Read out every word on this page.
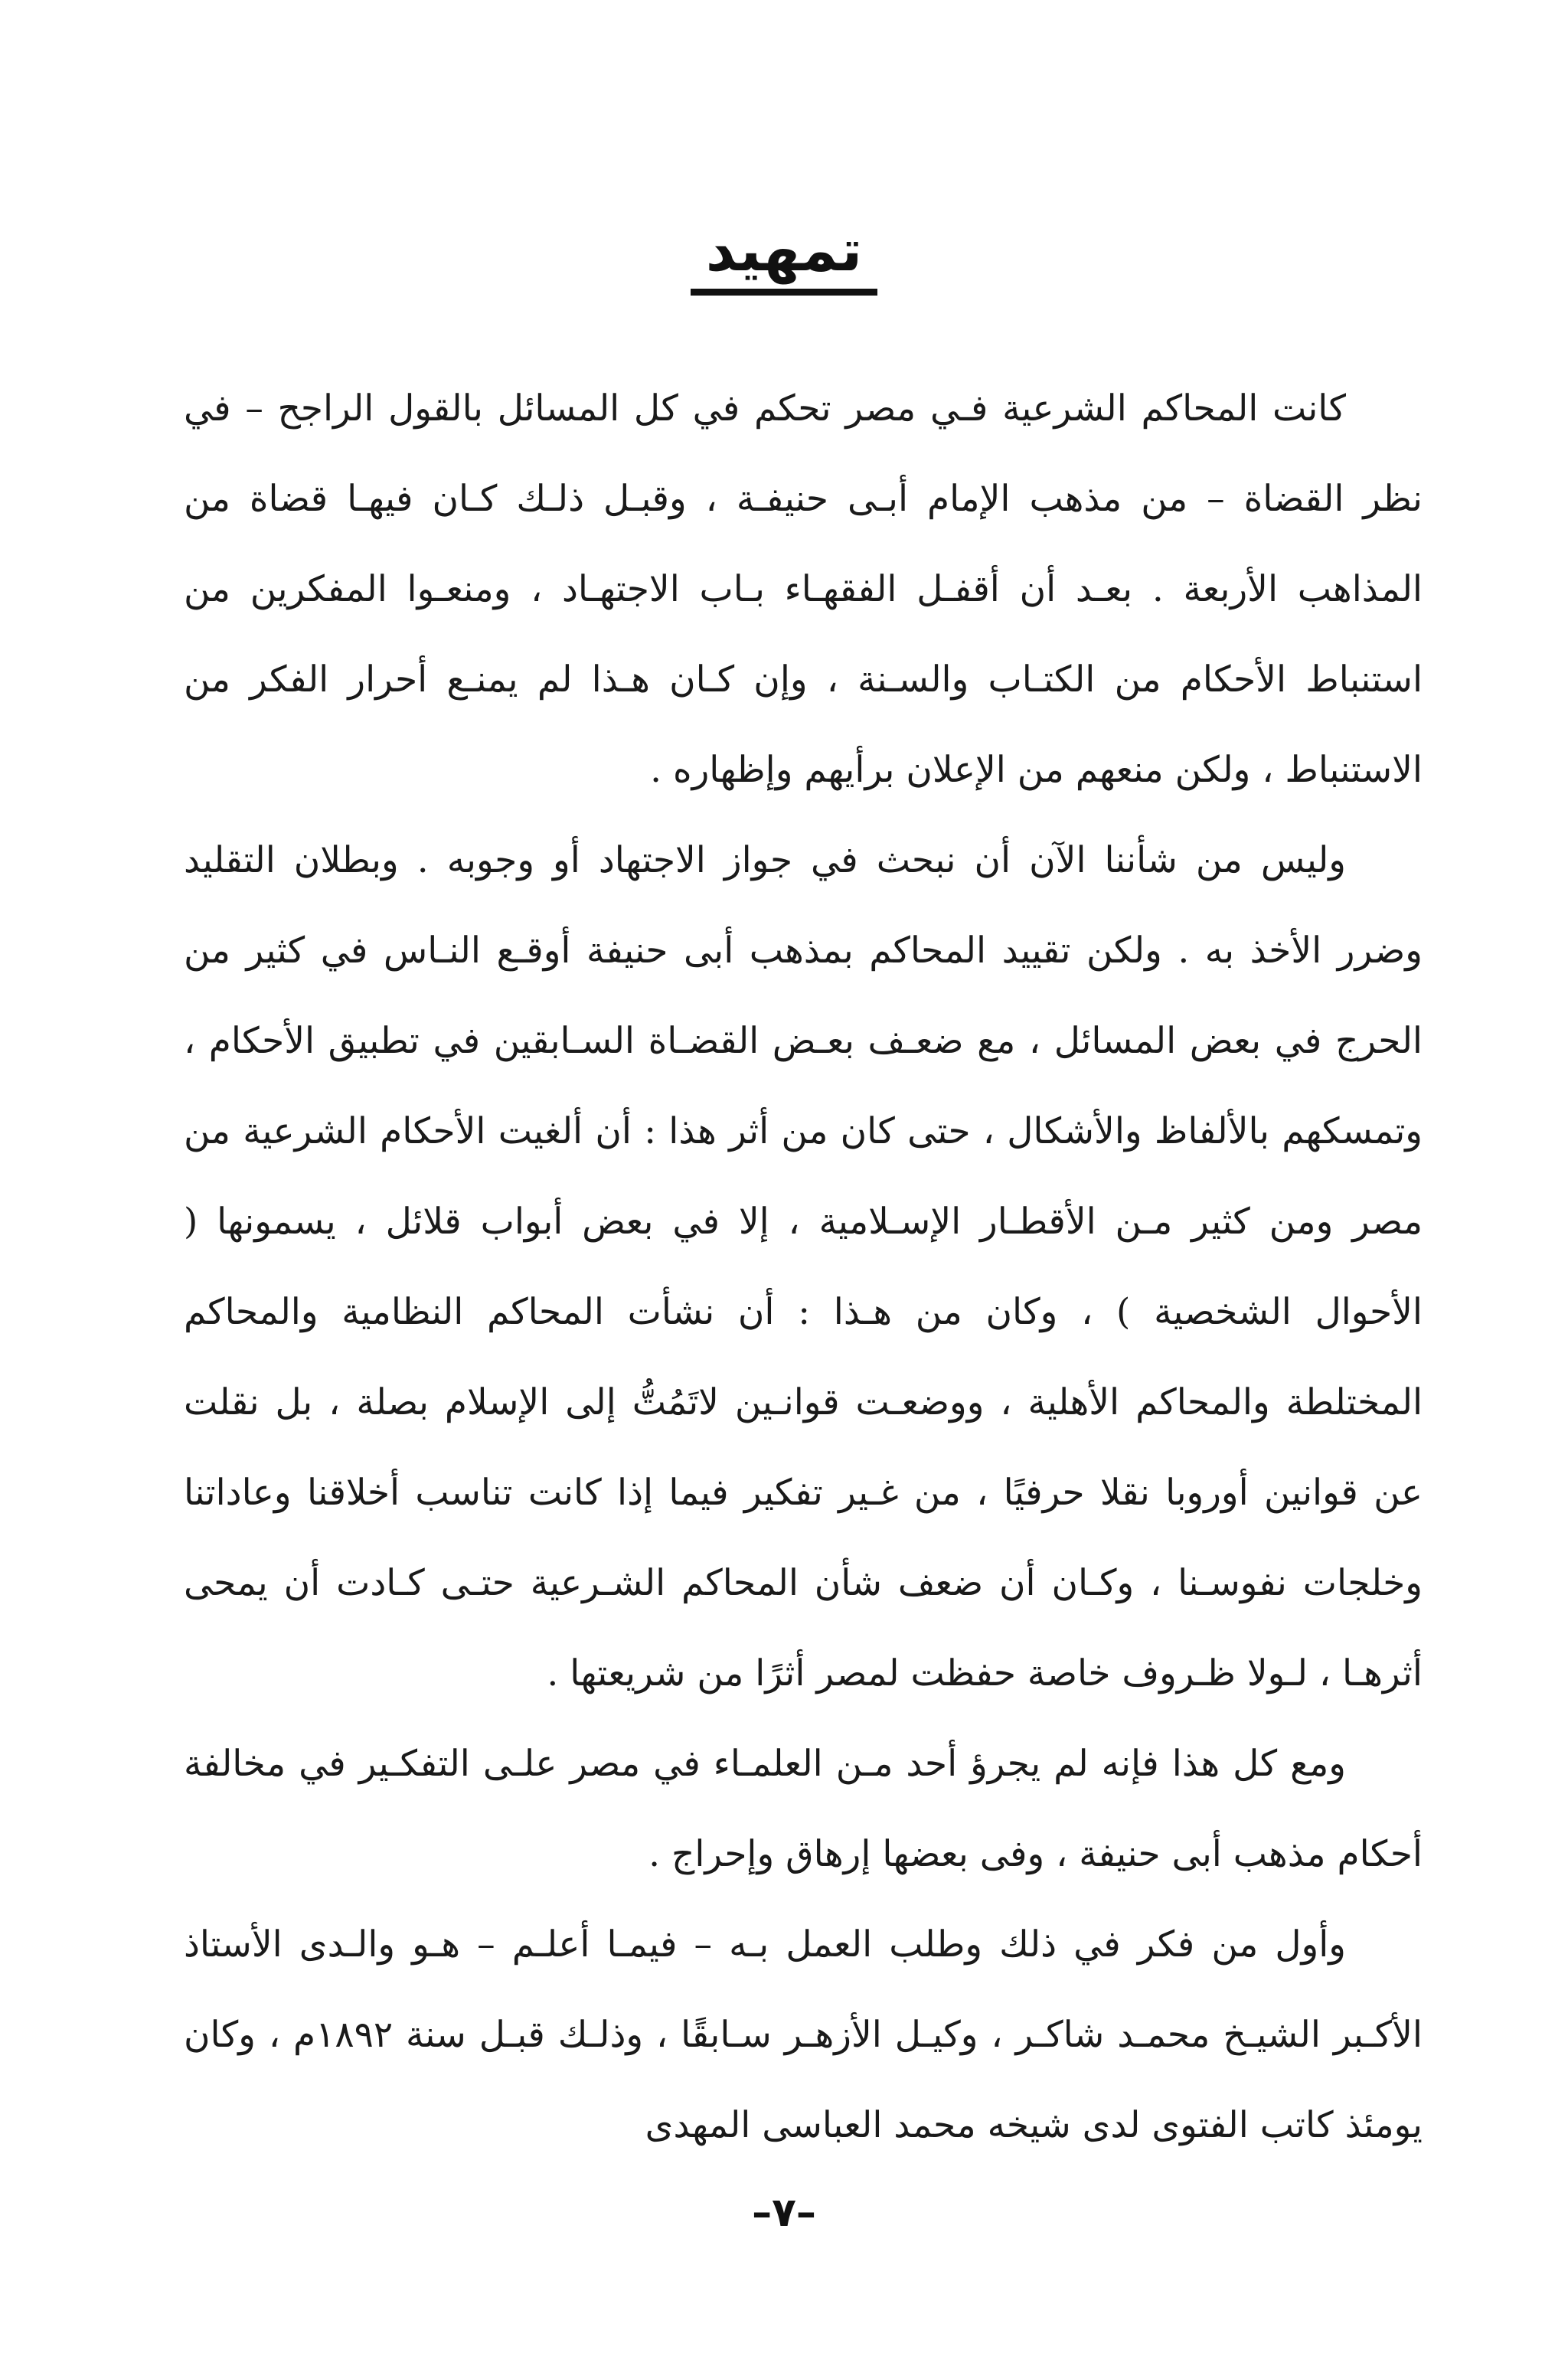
تمهيد

كانت المحاكم الشرعية فـي مصر تحكم في كل المسائل بالقول الراجح – في نظر القضاة – من مذهب الإمام أبـى حنيفـة ، وقبـل ذلـك كـان فيهـا قضاة من المذاهب الأربعة . بعـد أن أقفـل الفقهـاء بـاب الاجتهـاد ، ومنعـوا المفكرين من استنباط الأحكام من الكتـاب والسـنة ، وإن كـان هـذا لم يمنـع أحرار الفكر من الاستنباط ، ولكن منعهم من الإعلان برأيهم وإظهاره .

وليس من شأننا الآن أن نبحث في جواز الاجتهاد أو وجوبه . وبطلان التقليد وضرر الأخذ به . ولكن تقييد المحاكم بمذهب أبى حنيفة أوقـع النـاس في كثير من الحرج في بعض المسائل ، مع ضعـف بعـض القضـاة السـابقين في تطبيق الأحكام ، وتمسكهم بالألفاظ والأشكال ، حتى كان من أثر هذا : أن ألغيت الأحكام الشرعية من مصر ومن كثير مـن الأقطـار الإسـلامية ، إلا في بعض أبواب قلائل ، يسمونها ( الأحوال الشخصية ) ، وكان من هـذا : أن نشأت المحاكم النظامية والمحاكم المختلطة والمحاكم الأهلية ، ووضعـت قوانـين لاتَمُتُّ إلى الإسلام بصلة ، بل نقلت عن قوانين أوروبا نقلا حرفيًا ، من غـير تفكير فيما إذا كانت تناسب أخلاقنا وعاداتنا وخلجات نفوسـنا ، وكـان أن ضعف شأن المحاكم الشـرعية حتـى كـادت أن يمحى أثرهـا ، لـولا ظـروف خاصة حفظت لمصر أثرًا من شريعتها .

ومع كل هذا فإنه لم يجرؤ أحد مـن العلمـاء في مصر علـى التفكـير في مخالفة أحكام مذهب أبى حنيفة ، وفى بعضها إرهاق وإحراج .

وأول من فكر في ذلك وطلب العمل بـه – فيمـا أعلـم – هـو والـدى الأستاذ الأكـبر الشيـخ محمـد شاكـر ، وكيـل الأزهـر سـابقًا ، وذلـك قبـل سنة ١٨٩٢م ، وكان يومئذ كاتب الفتوى لدى شيخه محمد العباسى المهدى

–٧–
